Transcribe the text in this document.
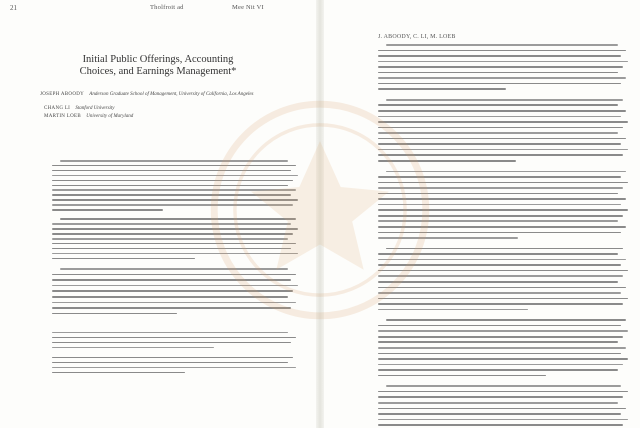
21	Tholfroit ad	Mee Nit VI
Initial Public Offerings, Accounting
Choices, and Earnings Management*
JOSEPH ABOODY Anderson Graduate School of Management, University of California, Los Angeles
CHANG LI Stanford University
MARTIN LOEB University of Maryland
J. ABOODY, C. LI, M. LOEB
